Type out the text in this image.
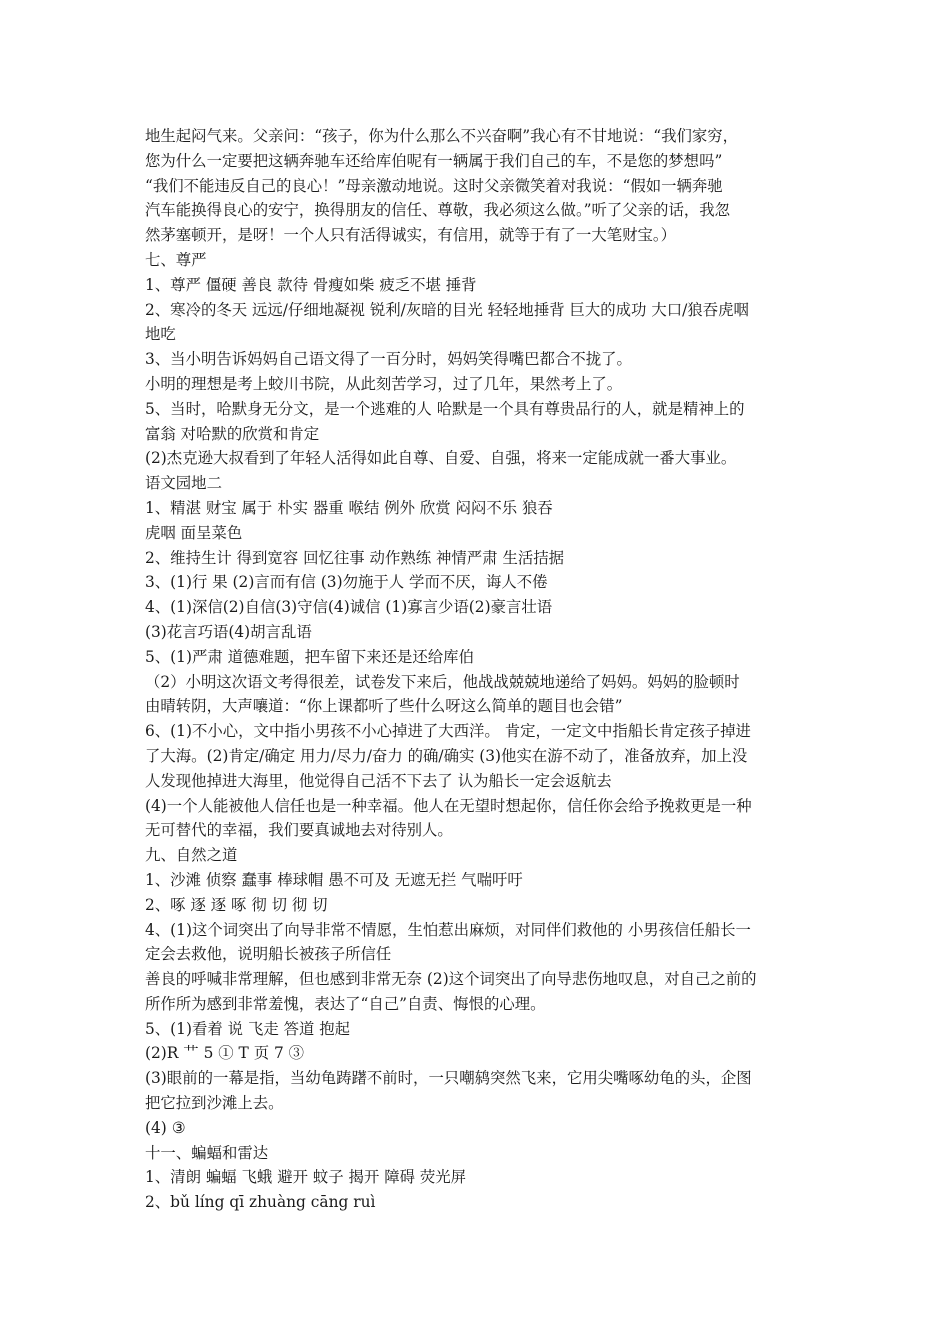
地生起闷气来。父亲问：“孩子，你为什么那么不兴奋啊”我心有不甘地说：“我们家穷，
您为什么一定要把这辆奔驰车还给库伯呢有一辆属于我们自己的车，不是您的梦想吗”
“我们不能违反自己的良心！”母亲激动地说。这时父亲微笑着对我说：“假如一辆奔驰
汽车能换得良心的安宁，换得朋友的信任、尊敬，我必须这么做。”听了父亲的话，我忽
然茅塞顿开，是呀！一个人只有活得诚实，有信用，就等于有了一大笔财宝。）
七、尊严
1、尊严 僵硬 善良 款待 骨瘦如柴 疲乏不堪 捶背
2、寒冷的冬天 远远/仔细地凝视 锐利/灰暗的目光 轻轻地捶背 巨大的成功 大口/狼吞虎咽
地吃
3、当小明告诉妈妈自己语文得了一百分时，妈妈笑得嘴巴都合不拢了。
小明的理想是考上蛟川书院，从此刻苦学习，过了几年，果然考上了。
5、当时，哈默身无分文，是一个逃难的人 哈默是一个具有尊贵品行的人，就是精神上的
富翁 对哈默的欣赏和肯定
(2)杰克逊大叔看到了年轻人活得如此自尊、自爱、自强，将来一定能成就一番大事业。
语文园地二
1、精湛 财宝 属于 朴实 器重 喉结 例外 欣赏 闷闷不乐 狼吞
虎咽 面呈菜色
2、维持生计 得到宽容 回忆往事 动作熟练 神情严肃 生活拮据
3、(1)行 果 (2)言而有信 (3)勿施于人 学而不厌，诲人不倦
4、(1)深信(2)自信(3)守信(4)诚信 (1)寡言少语(2)豪言壮语
(3)花言巧语(4)胡言乱语
5、(1)严肃 道德难题，把车留下来还是还给库伯
（2）小明这次语文考得很差，试卷发下来后，他战战兢兢地递给了妈妈。妈妈的脸顿时
由晴转阴，大声嚷道：“你上课都听了些什么呀这么简单的题目也会错”
6、(1)不小心，文中指小男孩不小心掉进了大西洋。 肯定，一定文中指船长肯定孩子掉进
了大海。(2)肯定/确定 用力/尽力/奋力 的确/确实 (3)他实在游不动了，准备放弃，加上没
人发现他掉进大海里，他觉得自己活不下去了 认为船长一定会返航去
(4)一个人能被他人信任也是一种幸福。他人在无望时想起你，信任你会给予挽救更是一种
无可替代的幸福，我们要真诚地去对待别人。
九、自然之道
1、沙滩 侦察 蠢事 棒球帽 愚不可及 无遮无拦 气喘吁吁
2、啄 逐 逐 啄 彻 切 彻 切
4、(1)这个词突出了向导非常不情愿，生怕惹出麻烦，对同伴们救他的 小男孩信任船长一
定会去救他，说明船长被孩子所信任
善良的呼喊非常理解，但也感到非常无奈 (2)这个词突出了向导悲伤地叹息，对自己之前的
所作所为感到非常羞愧，表达了“自己”自责、悔恨的心理。
5、(1)看着 说 飞走 答道 抱起
(2)R ⺾ 5 ① T 页 7 ③
(3)眼前的一幕是指，当幼龟踌躇不前时，一只嘲鸫突然飞来，它用尖嘴啄幼龟的头，企图
把它拉到沙滩上去。
(4) ③
十一、蝙蝠和雷达
1、清朗 蝙蝠 飞蛾 避开 蚊子 揭开 障碍 荧光屏
2、bǔ líng qī zhuàng cāng ruì
